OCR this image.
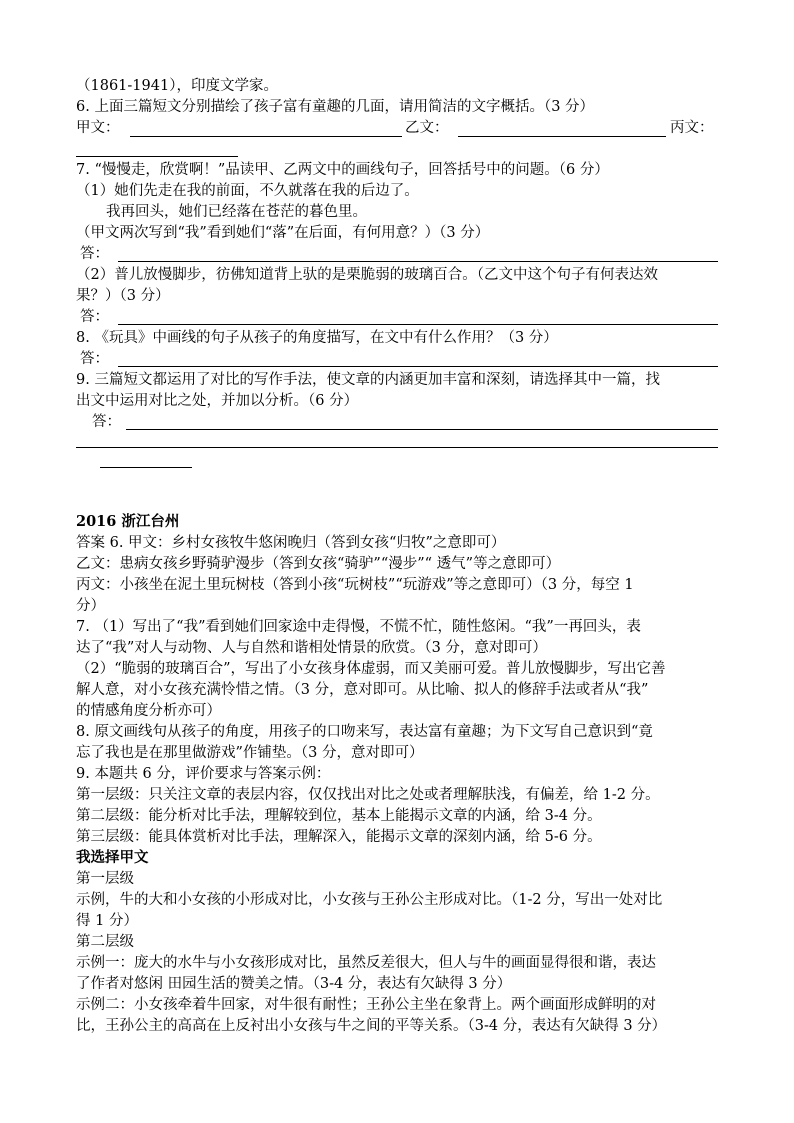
（1861-1941），印度文学家。
6. 上面三篇短文分别描绘了孩子富有童趣的几面，请用简洁的文字概括。（3 分）
甲文：	乙文：	丙文：
7. “慢慢走，欣赏啊！”品读甲、乙两文中的画线句子，回答括号中的问题。（6 分）
（1）她们先走在我的前面，不久就落在我的后边了。
我再回头，她们已经落在苍茫的暮色里。
（甲文两次写到“我”看到她们“落”在后面，有何用意？）（3 分）
答：
（2）普儿放慢脚步，彷佛知道背上驮的是栗脆弱的玻璃百合。（乙文中这个句子有何表达效
果？）（3 分）
答：
8. 《玩具》中画线的句子从孩子的角度描写，在文中有什么作用？（3 分）
答：
9. 三篇短文都运用了对比的写作手法，使文章的内涵更加丰富和深刻，请选择其中一篇，找
出文中运用对比之处，并加以分析。（6 分）
答：
2016 浙江台州
答案 6. 甲文：乡村女孩牧牛悠闲晚归（答到女孩“归牧”之意即可）
乙文：患病女孩乡野骑驴漫步（答到女孩“骑驴”“漫步”“ 透气”等之意即可）
丙文：小孩坐在泥土里玩树枝（答到小孩“玩树枝”“玩游戏”等之意即可）（3 分，每空 1
分）
7. （1）写出了“我”看到她们回家途中走得慢，不慌不忙，随性悠闲。“我”一再回头，表
达了“我”对人与动物、人与自然和谐相处情景的欣赏。（3 分，意对即可）
（2）“脆弱的玻璃百合”，写出了小女孩身体虚弱，而又美丽可爱。普儿放慢脚步，写出它善
解人意，对小女孩充满怜惜之情。（3 分，意对即可。从比喻、拟人的修辞手法或者从“我”
的情感角度分析亦可）
8. 原文画线句从孩子的角度，用孩子的口吻来写，表达富有童趣；为下文写自己意识到“竟
忘了我也是在那里做游戏”作铺垫。（3 分，意对即可）
9. 本题共 6 分，评价要求与答案示例：
第一层级：只关注文章的表层内容，仅仅找出对比之处或者理解肤浅，有偏差，给 1-2 分。
第二层级：能分析对比手法，理解较到位，基本上能揭示文章的内涵，给 3-4 分。
第三层级：能具体赏析对比手法，理解深入，能揭示文章的深刻内涵，给 5-6 分。
我选择甲文
第一层级
示例，牛的大和小女孩的小形成对比，小女孩与王孙公主形成对比。（1-2 分，写出一处对比
得 1 分）
第二层级
示例一：庞大的水牛与小女孩形成对比，虽然反差很大，但人与牛的画面显得很和谐，表达
了作者对悠闲 田园生活的赞美之情。（3-4 分，表达有欠缺得 3 分）
示例二：小女孩牵着牛回家，对牛很有耐性；王孙公主坐在象背上。两个画面形成鲜明的对
比，王孙公主的高高在上反衬出小女孩与牛之间的平等关系。（3-4 分，表达有欠缺得 3 分）
